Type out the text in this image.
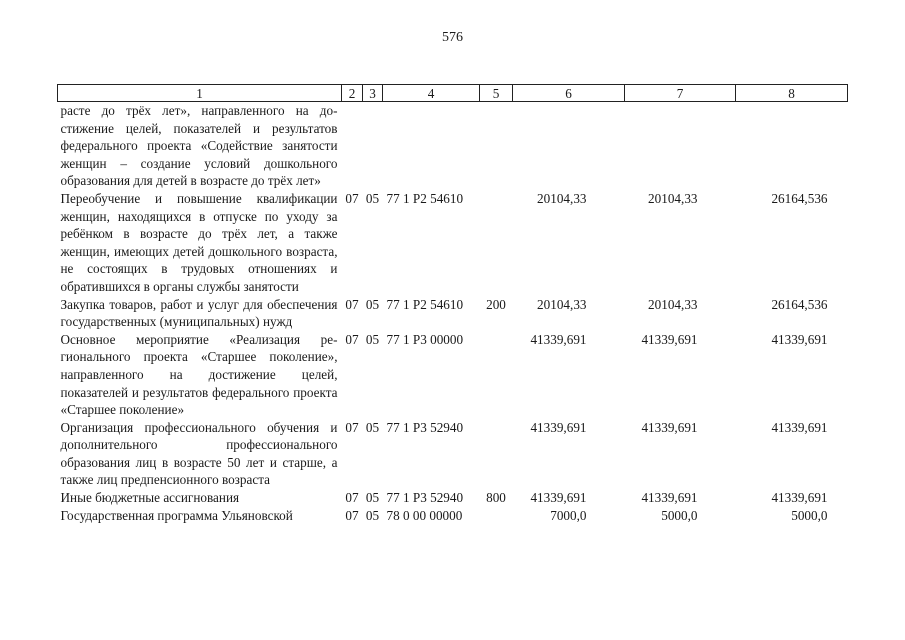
576
1	2	3	4	5	6	7	8
расте до трёх лет», направленного на достижение целей, показателей и результатов федерального проекта «Содействие занятости женщин – создание условий дошкольного образования для детей в возрасте до трёх лет»							
Переобучение и повышение квалификации женщин, находящихся в отпуске по уходу за ребёнком в возрасте до трёх лет, а также женщин, имеющих детей дошкольного возраста, не состоящих в трудовых отношениях и обратившихся в органы службы занятости	07	05	77 1 P2 54610		20104,33	20104,33	26164,536
Закупка товаров, работ и услуг для обеспечения государственных (муниципальных) нужд	07	05	77 1 P2 54610	200	20104,33	20104,33	26164,536
Основное мероприятие «Реализация регионального проекта «Старшее поколение», направленного на достижение целей, показателей и результатов федерального проекта «Старшее поколение»	07	05	77 1 P3 00000		41339,691	41339,691	41339,691
Организация профессионального обучения и дополнительного профессионального образования лиц в возрасте 50 лет и старше, а также лиц предпенсионного возраста	07	05	77 1 P3 52940		41339,691	41339,691	41339,691
Иные бюджетные ассигнования	07	05	77 1 P3 52940	800	41339,691	41339,691	41339,691
Государственная программа Ульяновской	07	05	78 0 00 00000		7000,0	5000,0	5000,0
